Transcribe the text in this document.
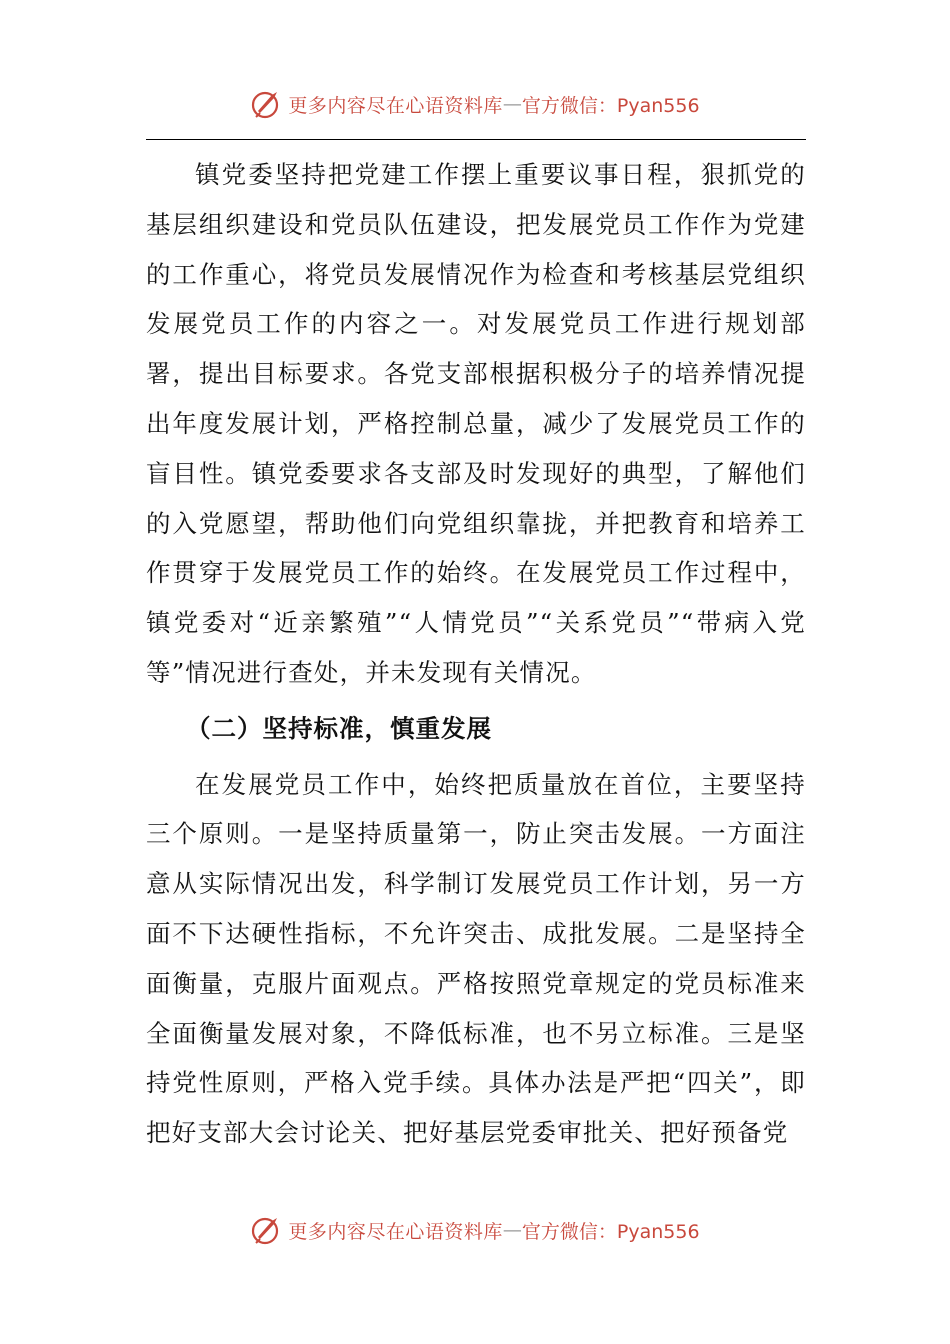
更多内容尽在心语资料库 — 官方微信：Pyan556

镇党委坚持把党建工作摆上重要议事日程，狠抓党的基层组织建设和党员队伍建设，把发展党员工作作为党建的工作重心，将党员发展情况作为检查和考核基层党组织发展党员工作的内容之一。对发展党员工作进行规划部署，提出目标要求。各党支部根据积极分子的培养情况提出年度发展计划，严格控制总量，减少了发展党员工作的盲目性。镇党委要求各支部及时发现好的典型，了解他们的入党愿望，帮助他们向党组织靠拢，并把教育和培养工作贯穿于发展党员工作的始终。在发展党员工作过程中，镇党委对“近亲繁殖”“人情党员”“关系党员”“带病入党等”情况进行查处，并未发现有关情况。

（二）坚持标准，慎重发展

在发展党员工作中，始终把质量放在首位，主要坚持三个原则。一是坚持质量第一，防止突击发展。一方面注意从实际情况出发，科学制订发展党员工作计划，另一方面不下达硬性指标，不允许突击、成批发展。二是坚持全面衡量，克服片面观点。严格按照党章规定的党员标准来全面衡量发展对象，不降低标准，也不另立标准。三是坚持党性原则，严格入党手续。具体办法是严把“四关”，即把好支部大会讨论关、把好基层党委审批关、把好预备党

更多内容尽在心语资料库 — 官方微信：Pyan556
